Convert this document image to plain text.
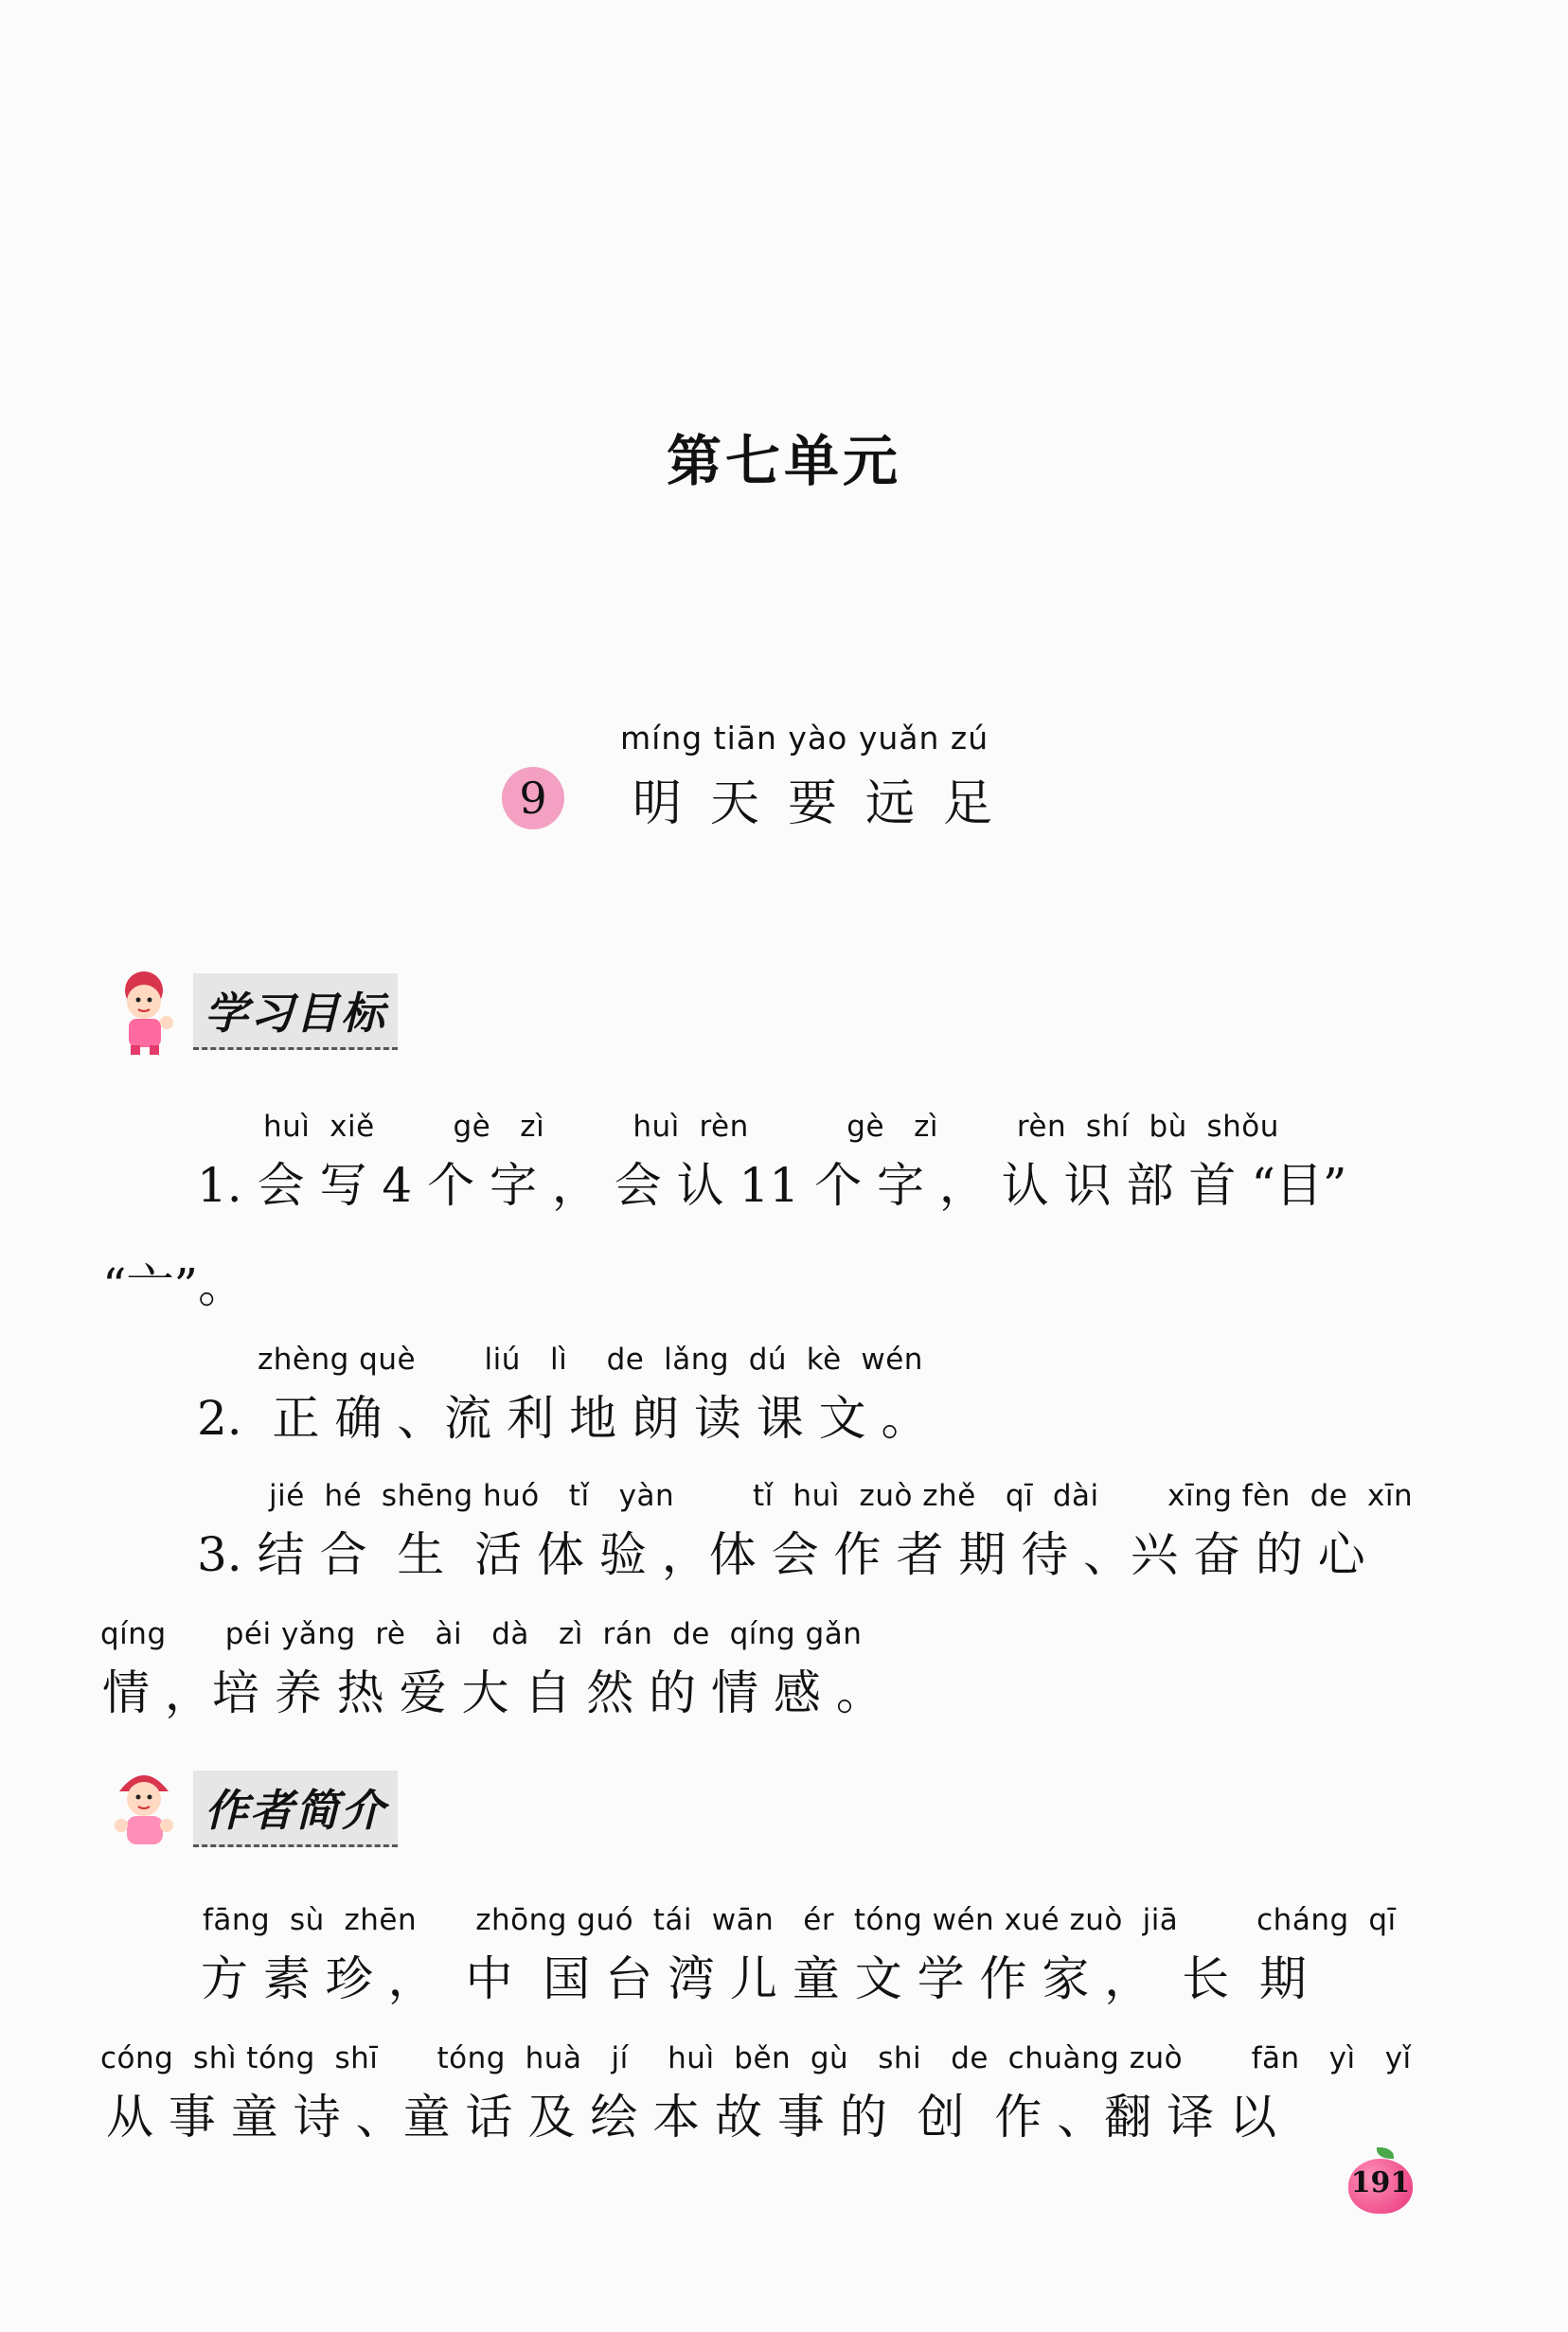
第七单元
míng tiān yào yuǎn zú
9 明天要远足
学习目标
huì  xiě        gè   zì         huì  rèn          gè   zì        rèn  shí  bù  shǒu
1. 会 写 4 个 字 ， 会 认 11 个 字 ， 认 识 部 首 “目”
“亠”。
zhèng què       liú   lì    de  lǎng  dú  kè  wén
2.  正 确 、流 利 地 朗 读 课 文 。
jié  hé  shēng huó   tǐ   yàn        tǐ  huì  zuò zhě   qī  dài       xīng fèn  de  xīn
3. 结 合  生  活 体 验 ，体 会 作 者 期 待 、兴 奋 的 心
qíng      péi yǎng  rè   ài   dà   zì  rán  de  qíng gǎn
情 ，培 养 热 爱 大 自 然 的 情 感 。
作者简介
fāng  sù  zhēn      zhōng guó  tái  wān   ér  tóng wén xué zuò  jiā        cháng  qī
方 素 珍 ，  中  国 台 湾 儿 童 文 学 作 家 ，  长  期
cóng  shì tóng  shī      tóng  huà   jí    huì  běn  gù   shi   de  chuàng zuò       fān   yì   yǐ
从 事 童 诗 、童 话 及 绘 本 故 事 的  创  作 、翻 译 以
191
